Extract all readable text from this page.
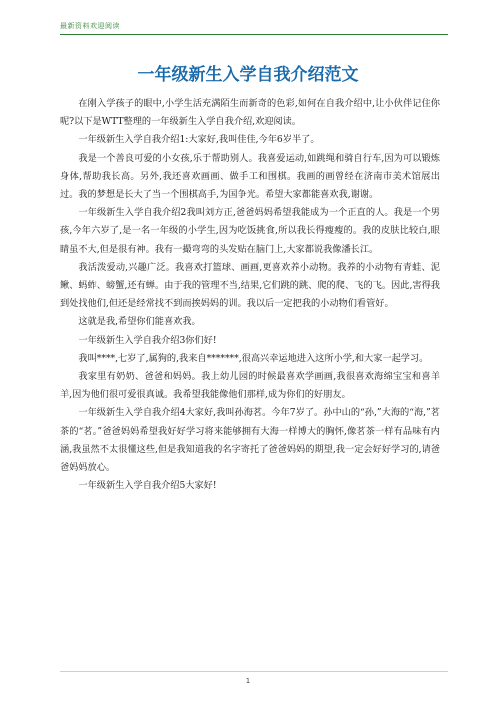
最新资料欢迎阅读
一年级新生入学自我介绍范文

在刚入学孩子的眼中,小学生活充满陌生而新奇的色彩,如何在自我介绍中,让小伙伴记住你呢?以下是WTT整理的一年级新生入学自我介绍,欢迎阅读。

一年级新生入学自我介绍1:大家好,我叫佳佳,今年6岁半了。

我是一个善良可爱的小女孩,乐于帮助别人。我喜爱运动,如跳绳和骑自行车,因为可以锻炼身体,帮助我长高。另外,我还喜欢画画、做手工和围棋。我画的画曾经在济南市美术馆展出过。我的梦想是长大了当一个围棋高手,为国争光。希望大家都能喜欢我,谢谢。

一年级新生入学自我介绍2我叫刘方正,爸爸妈妈希望我能成为一个正直的人。我是一个男孩,今年六岁了,是一名一年级的小学生,因为吃饭挑食,所以我长得瘦瘦的。我的皮肤比较白,眼睛虽不大,但是很有神。我有一撮弯弯的头发贴在脑门上,大家都说我像潘长江。

我活泼爱动,兴趣广泛。我喜欢打篮球、画画,更喜欢养小动物。我养的小动物有青蛙、泥鳅、蚂蚱、螃蟹,还有蝉。由于我的管理不当,结果,它们跳的跳、爬的爬、飞的飞。因此,害得我到处找他们,但还是经常找不到而挨妈妈的训。我以后一定把我的小动物们看管好。

这就是我,希望你们能喜欢我。

一年级新生入学自我介绍3你们好!

我叫****,七岁了,属狗的,我来自*******,很高兴幸运地进入这所小学,和大家一起学习。

我家里有奶奶、爸爸和妈妈。我上幼儿园的时候最喜欢学画画,我很喜欢海绵宝宝和喜羊羊,因为他们很可爱很真诚。我希望我能像他们那样,成为你们的好朋友。

一年级新生入学自我介绍4大家好,我叫孙海茗。今年7岁了。孙中山的“孙,”大海的“海,”茗茶的“茗。”爸爸妈妈希望我好好学习将来能够拥有大海一样博大的胸怀,像茗茶一样有品味有内涵,我虽然不太很懂这些,但是我知道我的名字寄托了爸爸妈妈的期望,我一定会好好学习的,请爸爸妈妈放心。

一年级新生入学自我介绍5大家好!

1
